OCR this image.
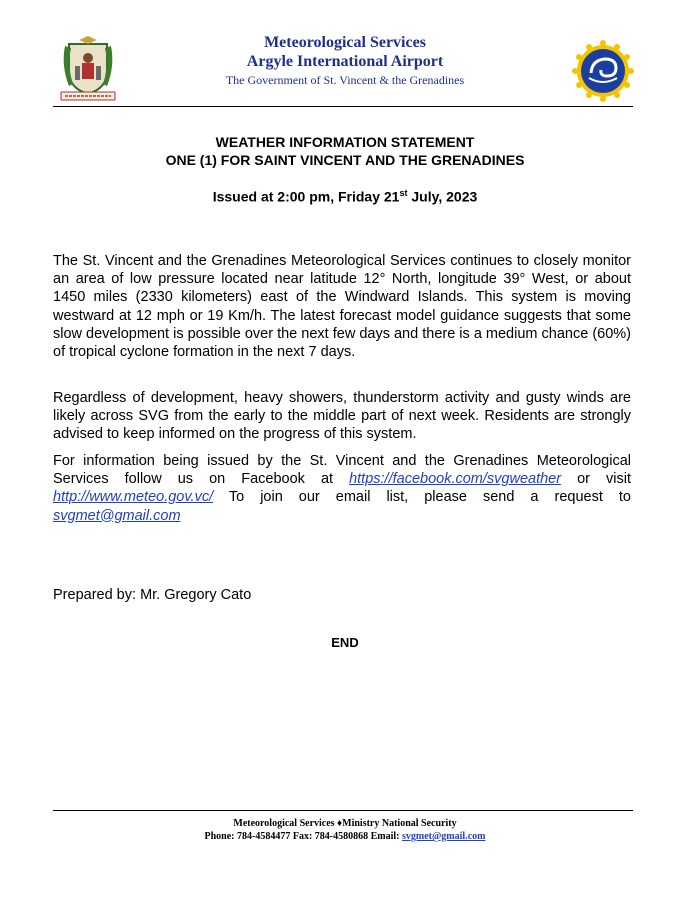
Meteorological Services
Argyle International Airport
The Government of St. Vincent & the Grenadines
WEATHER INFORMATION STATEMENT
ONE (1) FOR SAINT VINCENT AND THE GRENADINES
Issued at 2:00 pm, Friday 21st July, 2023
The St. Vincent and the Grenadines Meteorological Services continues to closely monitor an area of low pressure located near latitude 12° North, longitude 39° West, or about 1450 miles (2330 kilometers) east of the Windward Islands. This system is moving westward at 12 mph or 19 Km/h. The latest forecast model guidance suggests that some slow development is possible over the next few days and there is a medium chance (60%) of tropical cyclone formation in the next 7 days.
Regardless of development, heavy showers, thunderstorm activity and gusty winds are likely across SVG from the early to the middle part of next week. Residents are strongly advised to keep informed on the progress of this system.
For information being issued by the St. Vincent and the Grenadines Meteorological Services follow us on Facebook at https://facebook.com/svgweather or visit http://www.meteo.gov.vc/ To join our email list, please send a request to svgmet@gmail.com
Prepared by: Mr. Gregory Cato
END
Meteorological Services ♦Ministry National Security
Phone: 784-4584477 Fax: 784-4580868 Email: svgmet@gmail.com
